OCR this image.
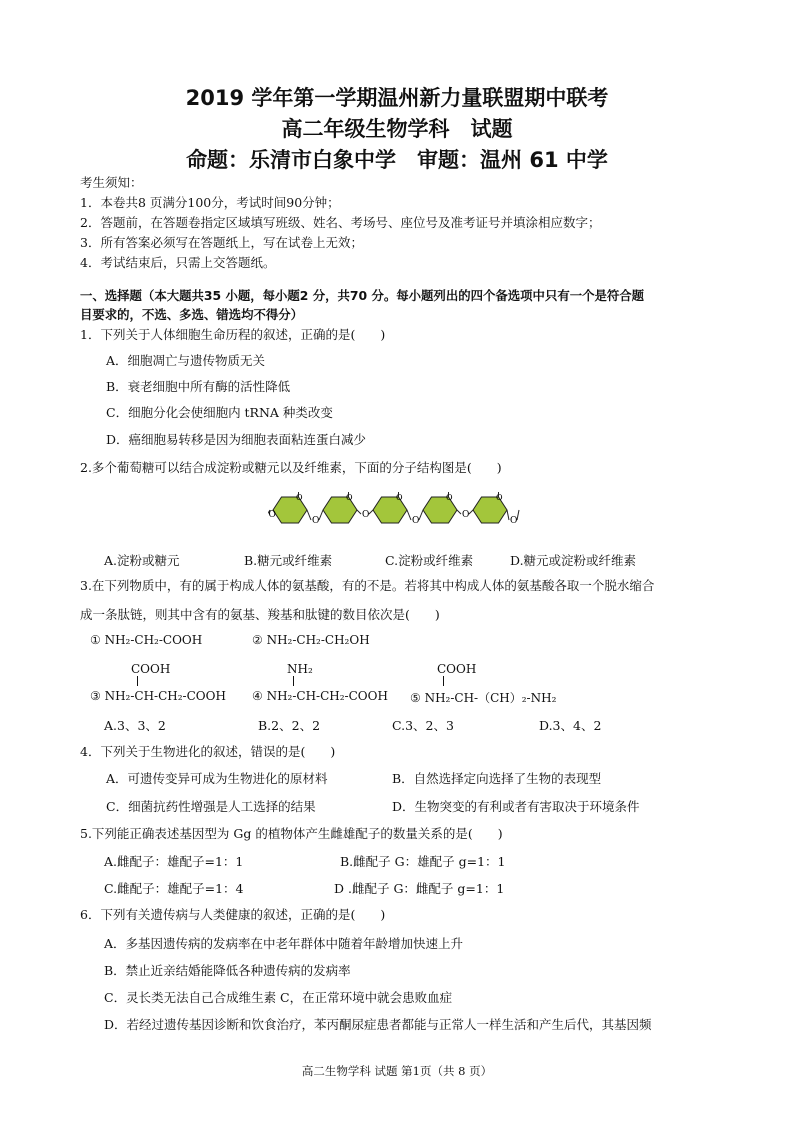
2019 学年第一学期温州新力量联盟期中联考
高二年级生物学科　试题
命题：乐清市白象中学　审题：温州 61 中学
考生须知：
1．本卷共8 页满分100分，考试时间90分钟；
2．答题前，在答题卷指定区域填写班级、姓名、考场号、座位号及准考证号并填涂相应数字；
3．所有答案必须写在答题纸上，写在试卷上无效；
4．考试结束后，只需上交答题纸。
一、选择题（本大题共35 小题，每小题2 分，共70 分。每小题列出的四个备选项中只有一个是符合题
目要求的，不选、多选、错选均不得分）
1．下列关于人体细胞生命历程的叙述，正确的是(　　)
A．细胞凋亡与遗传物质无关
B．衰老细胞中所有酶的活性降低
C．细胞分化会使细胞内 tRNA 种类改变
D．癌细胞易转移是因为细胞表面粘连蛋白减少
2.多个葡萄糖可以结合成淀粉或糖元以及纤维素，下面的分子结构图是(　　)
O	O	O	O	O
O
O
O
O
O
O
A.淀粉或糖元	B.糖元或纤维素	C.淀粉或纤维素	D.糖元或淀粉或纤维素
3.在下列物质中，有的属于构成人体的氨基酸，有的不是。若将其中构成人体的氨基酸各取一个脱水缩合
成一条肽链，则其中含有的氨基、羧基和肽键的数目依次是(　　)
① NH₂-CH₂-COOH	② NH₂-CH₂-CH₂OH
COOH
③ NH₂-CH-CH₂-COOH
NH₂
④ NH₂-CH-CH₂-COOH
COOH
⑤ NH₂-CH-（CH）₂-NH₂
A.3、3、2	B.2、2、2	C.3、2、3	D.3、4、2
4．下列关于生物进化的叙述，错误的是(　　)
A．可遗传变异可成为生物进化的原材料	B．自然选择定向选择了生物的表现型
C．细菌抗药性增强是人工选择的结果	D．生物突变的有利或者有害取决于环境条件
5.下列能正确表述基因型为 Gg 的植物体产生雌雄配子的数量关系的是(　　)
A.雌配子：雄配子=1：1	B.雌配子 G：雄配子 g=1：1
C.雌配子：雄配子=1：4	D .雌配子 G：雌配子 g=1：1
6．下列有关遗传病与人类健康的叙述，正确的是(　　)
A．多基因遗传病的发病率在中老年群体中随着年龄增加快速上升
B．禁止近亲结婚能降低各种遗传病的发病率
C．灵长类无法自己合成维生素 C，在正常环境中就会患败血症
D．若经过遗传基因诊断和饮食治疗，苯丙酮尿症患者都能与正常人一样生活和产生后代，其基因频
高二生物学科 试题 第1页（共 8 页）
